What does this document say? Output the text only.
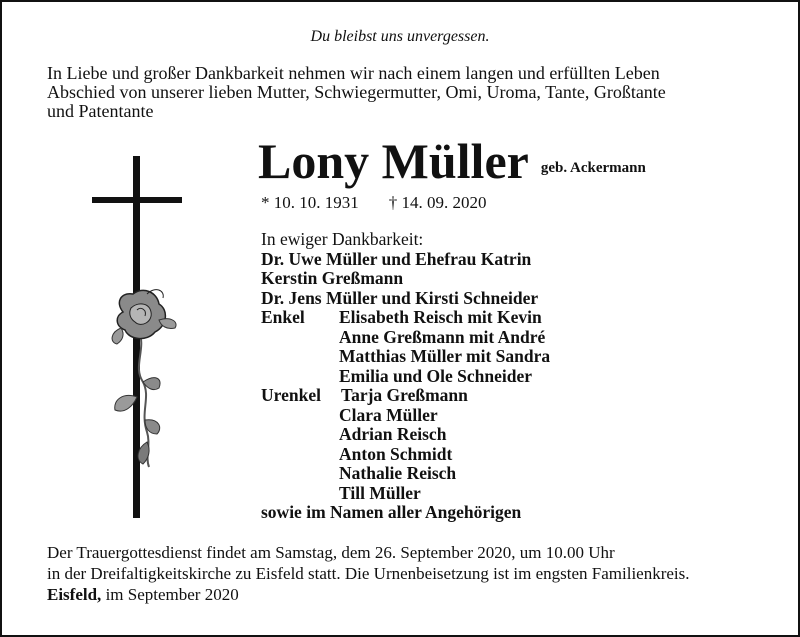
Du bleibst uns unvergessen.
In Liebe und großer Dankbarkeit nehmen wir nach einem langen und erfüllten Leben
Abschied von unserer lieben Mutter, Schwiegermutter, Omi, Uroma, Tante, Großtante
und Patentante
Lony Müller geb. Ackermann
* 10. 10. 1931 † 14. 09. 2020
In ewiger Dankbarkeit:
Dr. Uwe Müller und Ehefrau Katrin
Kerstin Greßmann
Dr. Jens Müller und Kirsti Schneider
Enkel Elisabeth Reisch mit Kevin
Anne Greßmann mit André
Matthias Müller mit Sandra
Emilia und Ole Schneider
Urenkel Tarja Greßmann
Clara Müller
Adrian Reisch
Anton Schmidt
Nathalie Reisch
Till Müller
sowie im Namen aller Angehörigen
Der Trauergottesdienst findet am Samstag, dem 26. September 2020, um 10.00 Uhr
in der Dreifaltigkeitskirche zu Eisfeld statt. Die Urnenbeisetzung ist im engsten Familienkreis.
Eisfeld, im September 2020
